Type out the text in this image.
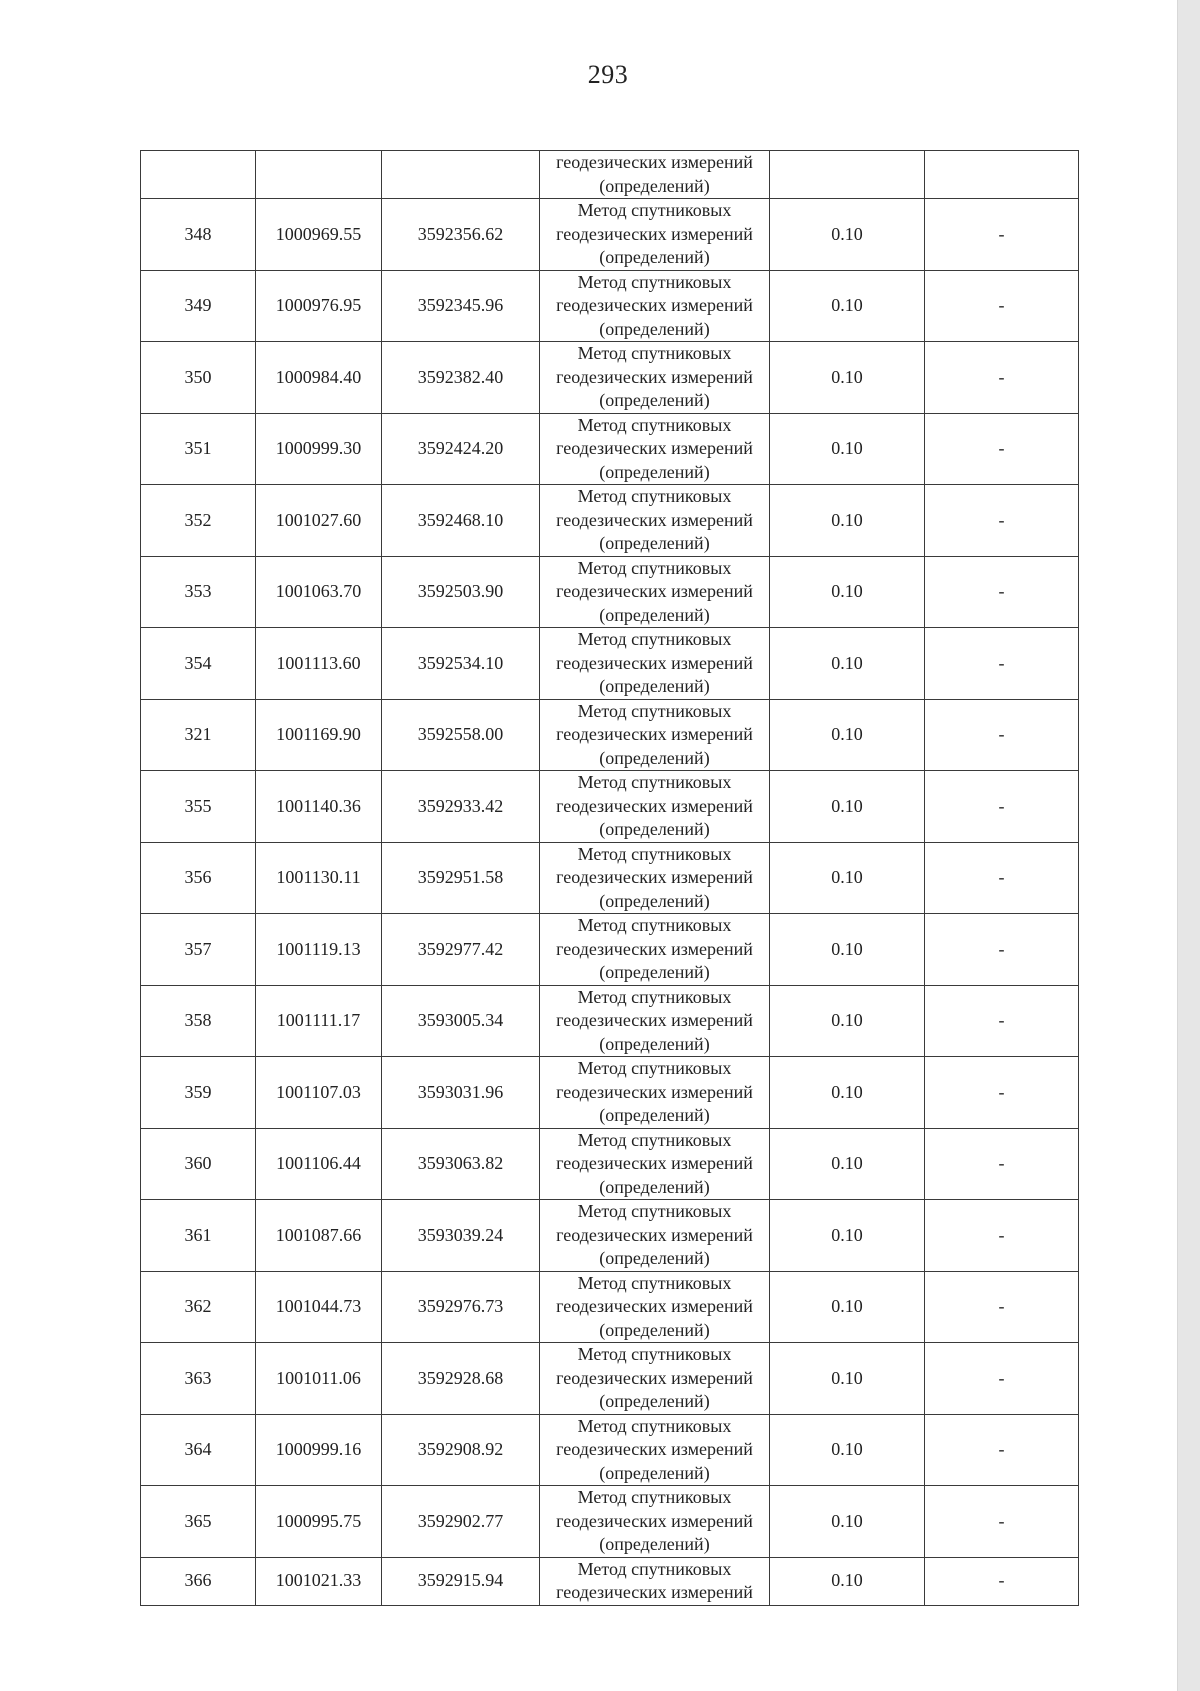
293

			геодезических измерений
(определений)		

348	1000969.55	3592356.62	Метод спутниковых
геодезических измерений
(определений)	0.10	-
349	1000976.95	3592345.96	Метод спутниковых
геодезических измерений
(определений)	0.10	-
350	1000984.40	3592382.40	Метод спутниковых
геодезических измерений
(определений)	0.10	-
351	1000999.30	3592424.20	Метод спутниковых
геодезических измерений
(определений)	0.10	-
352	1001027.60	3592468.10	Метод спутниковых
геодезических измерений
(определений)	0.10	-
353	1001063.70	3592503.90	Метод спутниковых
геодезических измерений
(определений)	0.10	-
354	1001113.60	3592534.10	Метод спутниковых
геодезических измерений
(определений)	0.10	-
321	1001169.90	3592558.00	Метод спутниковых
геодезических измерений
(определений)	0.10	-
355	1001140.36	3592933.42	Метод спутниковых
геодезических измерений
(определений)	0.10	-
356	1001130.11	3592951.58	Метод спутниковых
геодезических измерений
(определений)	0.10	-
357	1001119.13	3592977.42	Метод спутниковых
геодезических измерений
(определений)	0.10	-
358	1001111.17	3593005.34	Метод спутниковых
геодезических измерений
(определений)	0.10	-
359	1001107.03	3593031.96	Метод спутниковых
геодезических измерений
(определений)	0.10	-
360	1001106.44	3593063.82	Метод спутниковых
геодезических измерений
(определений)	0.10	-
361	1001087.66	3593039.24	Метод спутниковых
геодезических измерений
(определений)	0.10	-
362	1001044.73	3592976.73	Метод спутниковых
геодезических измерений
(определений)	0.10	-
363	1001011.06	3592928.68	Метод спутниковых
геодезических измерений
(определений)	0.10	-
364	1000999.16	3592908.92	Метод спутниковых
геодезических измерений
(определений)	0.10	-
365	1000995.75	3592902.77	Метод спутниковых
геодезических измерений
(определений)	0.10	-
366	1001021.33	3592915.94	Метод спутниковых
геодезических измерений	0.10	-
